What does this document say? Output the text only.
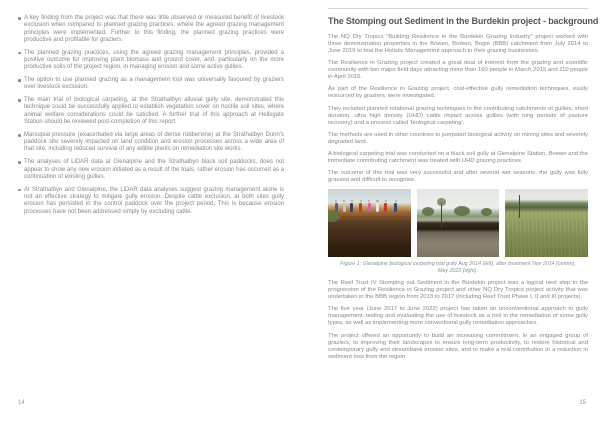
A key finding from the project was that there was little observed or measured benefit of livestock exclusion when compared to planned grazing practices, where the agreed grazing management principles were implemented. Further to this finding, the planned grazing practices were productive and profitable for graziers.
The planned grazing practices, using the agreed grazing management principles, provided a positive outcome for improving plant biomass and ground cover, and, particularly on the more productive soils of the project region, in managing erosion and some active gullies.
The option to use planned grazing as a management tool was universally favoured by graziers over livestock exclusion.
The main trial of biological carpeting, at the Strathalbyn alluvial gully site, demonstrated this technique could be successfully applied to establish vegetation cover on hostile soil sites, where animal welfare considerations could be satisfied. A further trial of this approach at Hellsgate Station should be reviewed post-completion of this report.
Marsupial pressure (exacerbated via large areas of dense rubbervine) at the Strathalbyn Dunn's paddock site severely impacted on land condition and erosion processes across a wide area of that site, including reduced survival of any edible plants on remediation site works.
The analyses of LiDAR data at Glenalpine and the Strathalbyn black soil paddocks, does not appear to show any new erosion initiated as a result of the trials, rather erosion has occurred as a continuation of existing gullies.
At Strathalbyn and Glenalpine, the LiDAR data analyses suggest grazing management alone is not an effective strategy to mitigate gully erosion. Despite cattle exclusion, at both sites gully erosion has persisted in the control paddock over the project period. This is because erosion processes have not been addressed simply by excluding cattle.
The Stomping out Sediment in the Burdekin project - background

The NQ Dry Tropics "Building Resilience in the Burdekin Grazing Industry" project worked with three demonstration properties in the Bowen, Broken, Bogie (BBB) catchment from July 2014 to June 2016 to trial the Holistic Management approach to their grazing businesses.

The Resilience in Grazing project created a great deal of interest from the grazing and scientific community with two major field days attracting more than 160 people in March 2015 and 110 people in April 2016.

As part of the Resilience in Grazing project, cost-effective gully remediation techniques, easily resourced by graziers, were investigated.

They included planned rotational grazing techniques in the contributing catchments of gullies, short duration, ultra high density (UHD) cattle impact across gullies (with long periods of pasture recovery) and a process called 'biological carpeting'.

The methods are used in other countries to jumpstart biological activity on mining sites and severely degraded land.

A biological carpeting trial was conducted on a black soil gully at Glenalpine Station, Bowen and the immediate contributing catchment was treated with UHD grazing practices.

The outcome of this trial was very successful and after several wet seasons, the gully was fully grassed and difficult to recognise.

Figure 1: Glenalpine biological carpeting trial gully Aug 2014 (left), after treatment Nov 2014 (centre), May 2022 (right).

The Reef Trust IV Stomping out Sediment in the Burdekin project was a logical next step in the progression of the Resilience in Grazing project and other NQ Dry Tropics project activity that was undertaken in the BBB region from 2013 to 2017 (including Reef Trust Phase I, II and III projects).

The five year (June 2017 to June 2022) project has taken an unconventional approach to gully management: testing and evaluating the use of livestock as a tool in the remediation of some gully types, as well as implementing more conventional gully remediation approaches.

The project offered an opportunity to build an increasing commitment, in an engaged group of graziers, to improving their landscapes to ensure long-term productivity, to restore historical and contemporary gully and streambank erosion sites, and to make a real contribution to a reduction in sediment loss from the region.

14	15
